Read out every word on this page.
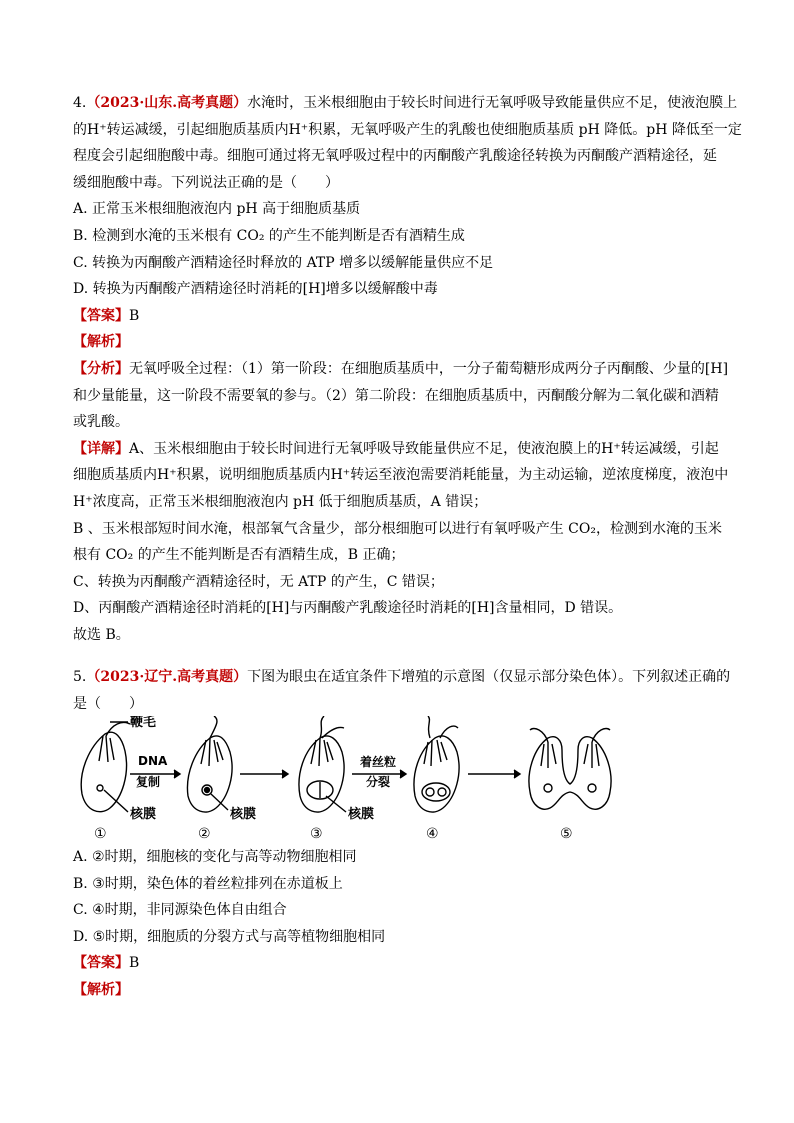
4.（2023·山东.高考真题）水淹时，玉米根细胞由于较长时间进行无氧呼吸导致能量供应不足，使液泡膜上
的H⁺转运减缓，引起细胞质基质内H⁺积累，无氧呼吸产生的乳酸也使细胞质基质 pH 降低。pH 降低至一定
程度会引起细胞酸中毒。细胞可通过将无氧呼吸过程中的丙酮酸产乳酸途径转换为丙酮酸产酒精途径，延
缓细胞酸中毒。下列说法正确的是（　　）
A. 正常玉米根细胞液泡内 pH 高于细胞质基质
B. 检测到水淹的玉米根有 CO₂ 的产生不能判断是否有酒精生成
C. 转换为丙酮酸产酒精途径时释放的 ATP 增多以缓解能量供应不足
D. 转换为丙酮酸产酒精途径时消耗的[H]增多以缓解酸中毒
【答案】B
【解析】
【分析】无氧呼吸全过程：（1）第一阶段：在细胞质基质中，一分子葡萄糖形成两分子丙酮酸、少量的[H]
和少量能量，这一阶段不需要氧的参与。（2）第二阶段：在细胞质基质中，丙酮酸分解为二氧化碳和酒精
或乳酸。
【详解】A、玉米根细胞由于较长时间进行无氧呼吸导致能量供应不足，使液泡膜上的H⁺转运减缓，引起
细胞质基质内H⁺积累，说明细胞质基质内H⁺转运至液泡需要消耗能量，为主动运输，逆浓度梯度，液泡中
H⁺浓度高，正常玉米根细胞液泡内 pH 低于细胞质基质，A 错误；
B 、玉米根部短时间水淹，根部氧气含量少，部分根细胞可以进行有氧呼吸产生 CO₂，检测到水淹的玉米
根有 CO₂ 的产生不能判断是否有酒精生成，B 正确；
C、转换为丙酮酸产酒精途径时，无 ATP 的产生，C 错误；
D、丙酮酸产酒精途径时消耗的[H]与丙酮酸产乳酸途径时消耗的[H]含量相同，D 错误。
故选 B。
5.（2023·辽宁.高考真题）下图为眼虫在适宜条件下增殖的示意图（仅显示部分染色体）。下列叙述正确的
是（　　）
鞭毛
DNA
复制
着丝粒
分裂
核膜	核膜	核膜
①	②	③	④	⑤
A. ②时期，细胞核的变化与高等动物细胞相同
B. ③时期，染色体的着丝粒排列在赤道板上
C. ④时期，非同源染色体自由组合
D. ⑤时期，细胞质的分裂方式与高等植物细胞相同
【答案】B
【解析】
